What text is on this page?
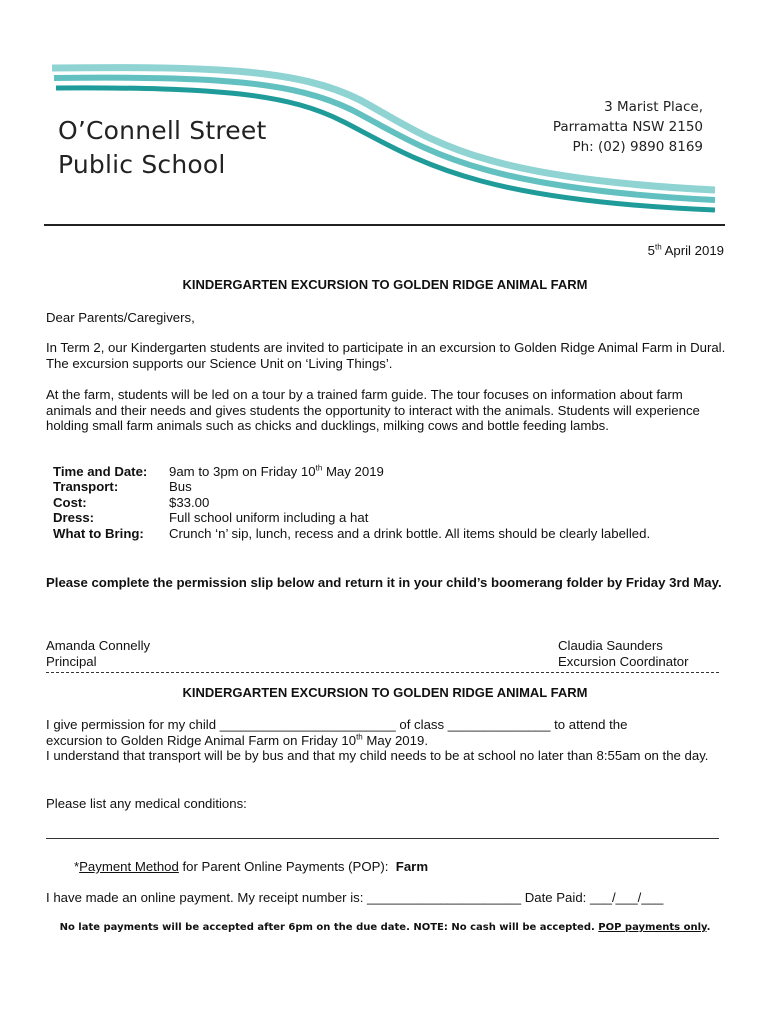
O’Connell Street
Public School
3 Marist Place,
Parramatta NSW 2150
Ph: (02) 9890 8169
5th April 2019
KINDERGARTEN EXCURSION TO GOLDEN RIDGE ANIMAL FARM
Dear Parents/Caregivers,
In Term 2, our Kindergarten students are invited to participate in an excursion to Golden Ridge Animal Farm in Dural. The excursion supports our Science Unit on ‘Living Things’.
At the farm, students will be led on a tour by a trained farm guide. The tour focuses on information about farm animals and their needs and gives students the opportunity to interact with the animals. Students will experience holding small farm animals such as chicks and ducklings, milking cows and bottle feeding lambs.
Time and Date:	9am to 3pm on Friday 10th May 2019
Transport:	Bus
Cost:	$33.00
Dress:	Full school uniform including a hat
What to Bring:	Crunch ‘n’ sip, lunch, recess and a drink bottle. All items should be clearly labelled.
Please complete the permission slip below and return it in your child’s boomerang folder by Friday 3rd May.
Amanda Connelly
Principal
Claudia Saunders
Excursion Coordinator
KINDERGARTEN EXCURSION TO GOLDEN RIDGE ANIMAL FARM
I give permission for my child ________________________ of class ______________ to attend the
excursion to Golden Ridge Animal Farm on Friday 10th May 2019.
I understand that transport will be by bus and that my child needs to be at school no later than 8:55am on the day.
Please list any medical conditions:
*Payment Method for Parent Online Payments (POP): Farm
I have made an online payment. My receipt number is: _____________________ Date Paid: ___/___/___
No late payments will be accepted after 6pm on the due date. NOTE: No cash will be accepted. POP payments only.
